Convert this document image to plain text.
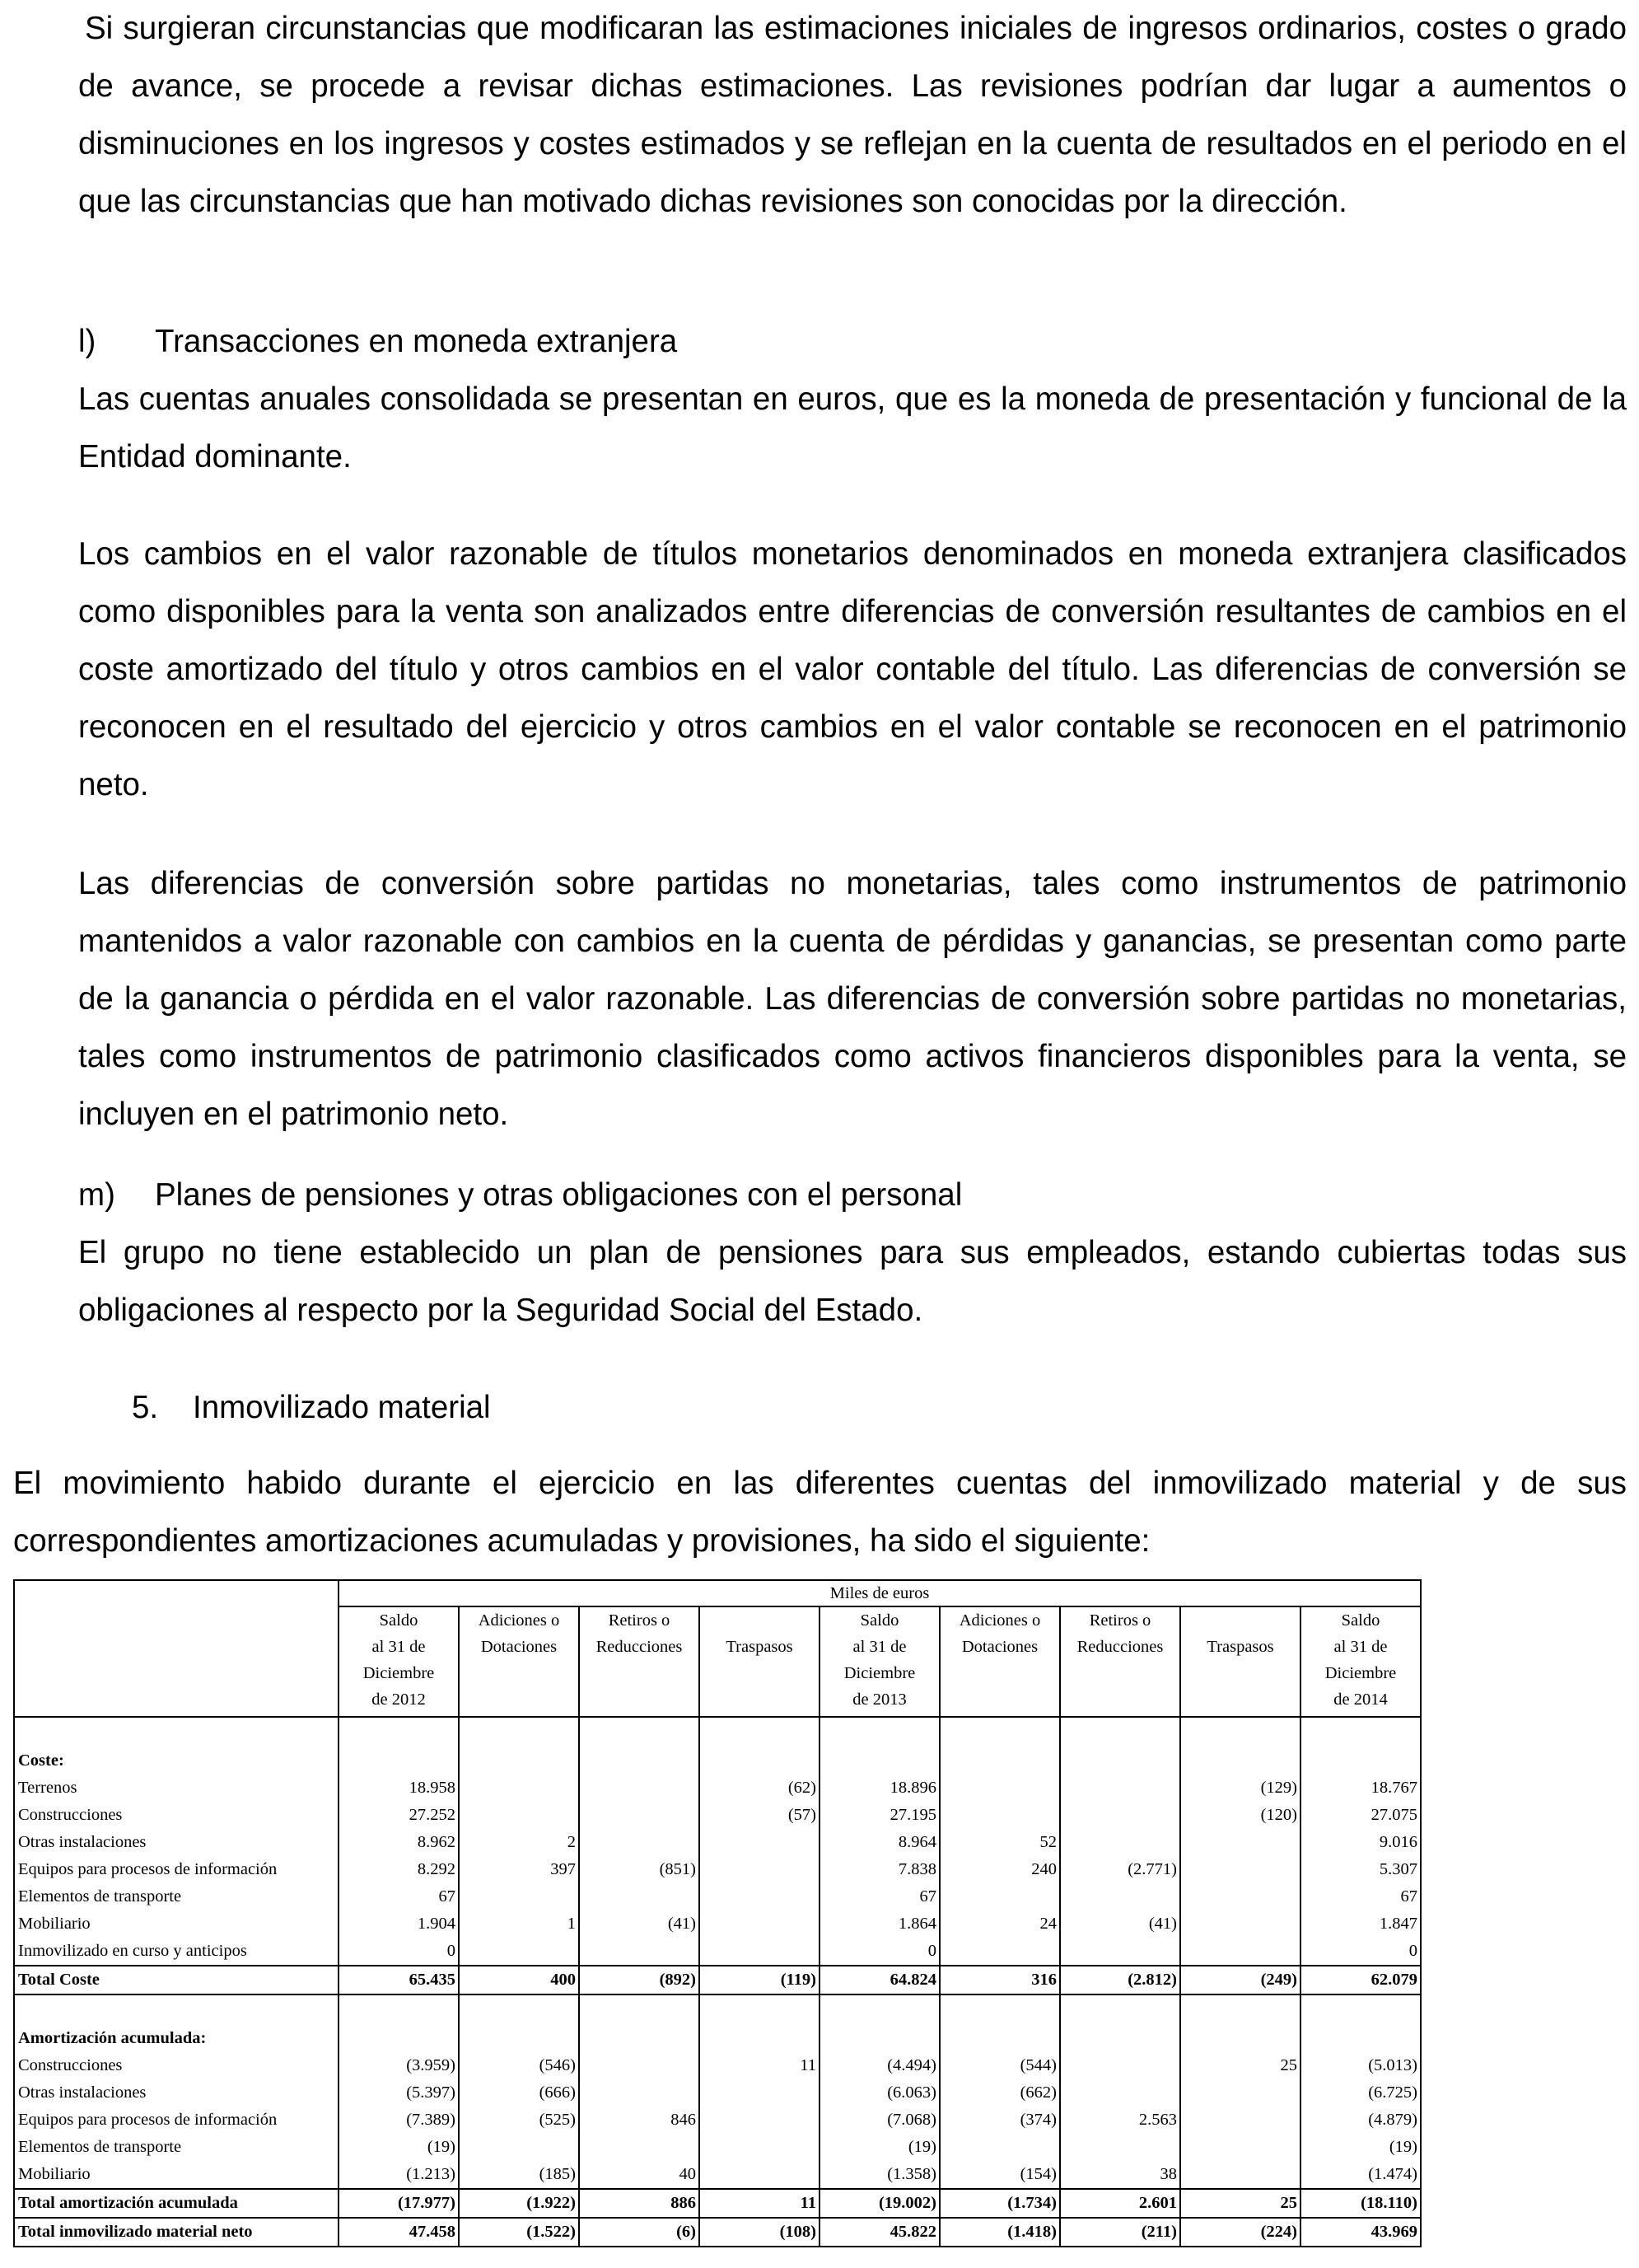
Si surgieran circunstancias que modificaran las estimaciones iniciales de ingresos ordinarios, costes o grado de avance, se procede a revisar dichas estimaciones. Las revisiones podrían dar lugar a aumentos o disminuciones en los ingresos y costes estimados y se reflejan en la cuenta de resultados en el periodo en el que las circunstancias que han motivado dichas revisiones son conocidas por la dirección.

l) Transacciones en moneda extranjera

Las cuentas anuales consolidada se presentan en euros, que es la moneda de presentación y funcional de la Entidad dominante.

Los cambios en el valor razonable de títulos monetarios denominados en moneda extranjera clasificados como disponibles para la venta son analizados entre diferencias de conversión resultantes de cambios en el coste amortizado del título y otros cambios en el valor contable del título. Las diferencias de conversión se reconocen en el resultado del ejercicio y otros cambios en el valor contable se reconocen en el patrimonio neto.

Las diferencias de conversión sobre partidas no monetarias, tales como instrumentos de patrimonio mantenidos a valor razonable con cambios en la cuenta de pérdidas y ganancias, se presentan como parte de la ganancia o pérdida en el valor razonable. Las diferencias de conversión sobre partidas no monetarias, tales como instrumentos de patrimonio clasificados como activos financieros disponibles para la venta, se incluyen en el patrimonio neto.

m) Planes de pensiones y otras obligaciones con el personal

El grupo no tiene establecido un plan de pensiones para sus empleados, estando cubiertas todas sus obligaciones al respecto por la Seguridad Social del Estado.

5. Inmovilizado material
El movimiento habido durante el ejercicio en las diferentes cuentas del inmovilizado material y de sus correspondientes amortizaciones acumuladas y provisiones, ha sido el siguiente:
	Miles de euros								

	Saldo
al 31 de
Diciembre
de 2012	Adiciones o
Dotaciones	Retiros o
Reducciones	Traspasos	Saldo
al 31 de
Diciembre
de 2013	Adiciones o
Dotaciones	Retiros o
Reducciones	Traspasos	Saldo
al 31 de
Diciembre
de 2014

Coste:									
Terrenos	18.958			(62)	18.896			(129)	18.767
Construcciones	27.252			(57)	27.195			(120)	27.075
Otras instalaciones	8.962	2			8.964	52			9.016
Equipos para procesos de información	8.292	397	(851)		7.838	240	(2.771)		5.307
Elementos de transporte	67				67				67
Mobiliario	1.904	1	(41)		1.864	24	(41)		1.847
Inmovilizado en curso y anticipos	0				0				0
Total Coste	65.435	400	(892)	(119)	64.824	316	(2.812)	(249)	62.079

Amortización acumulada:									
Construcciones	(3.959)	(546)		11	(4.494)	(544)		25	(5.013)
Otras instalaciones	(5.397)	(666)			(6.063)	(662)			(6.725)
Equipos para procesos de información	(7.389)	(525)	846		(7.068)	(374)	2.563		(4.879)
Elementos de transporte	(19)				(19)				(19)
Mobiliario	(1.213)	(185)	40		(1.358)	(154)	38		(1.474)
Total amortización acumulada	(17.977)	(1.922)	886	11	(19.002)	(1.734)	2.601	25	(18.110)
Total inmovilizado material neto	47.458	(1.522)	(6)	(108)	45.822	(1.418)	(211)	(224)	43.969
